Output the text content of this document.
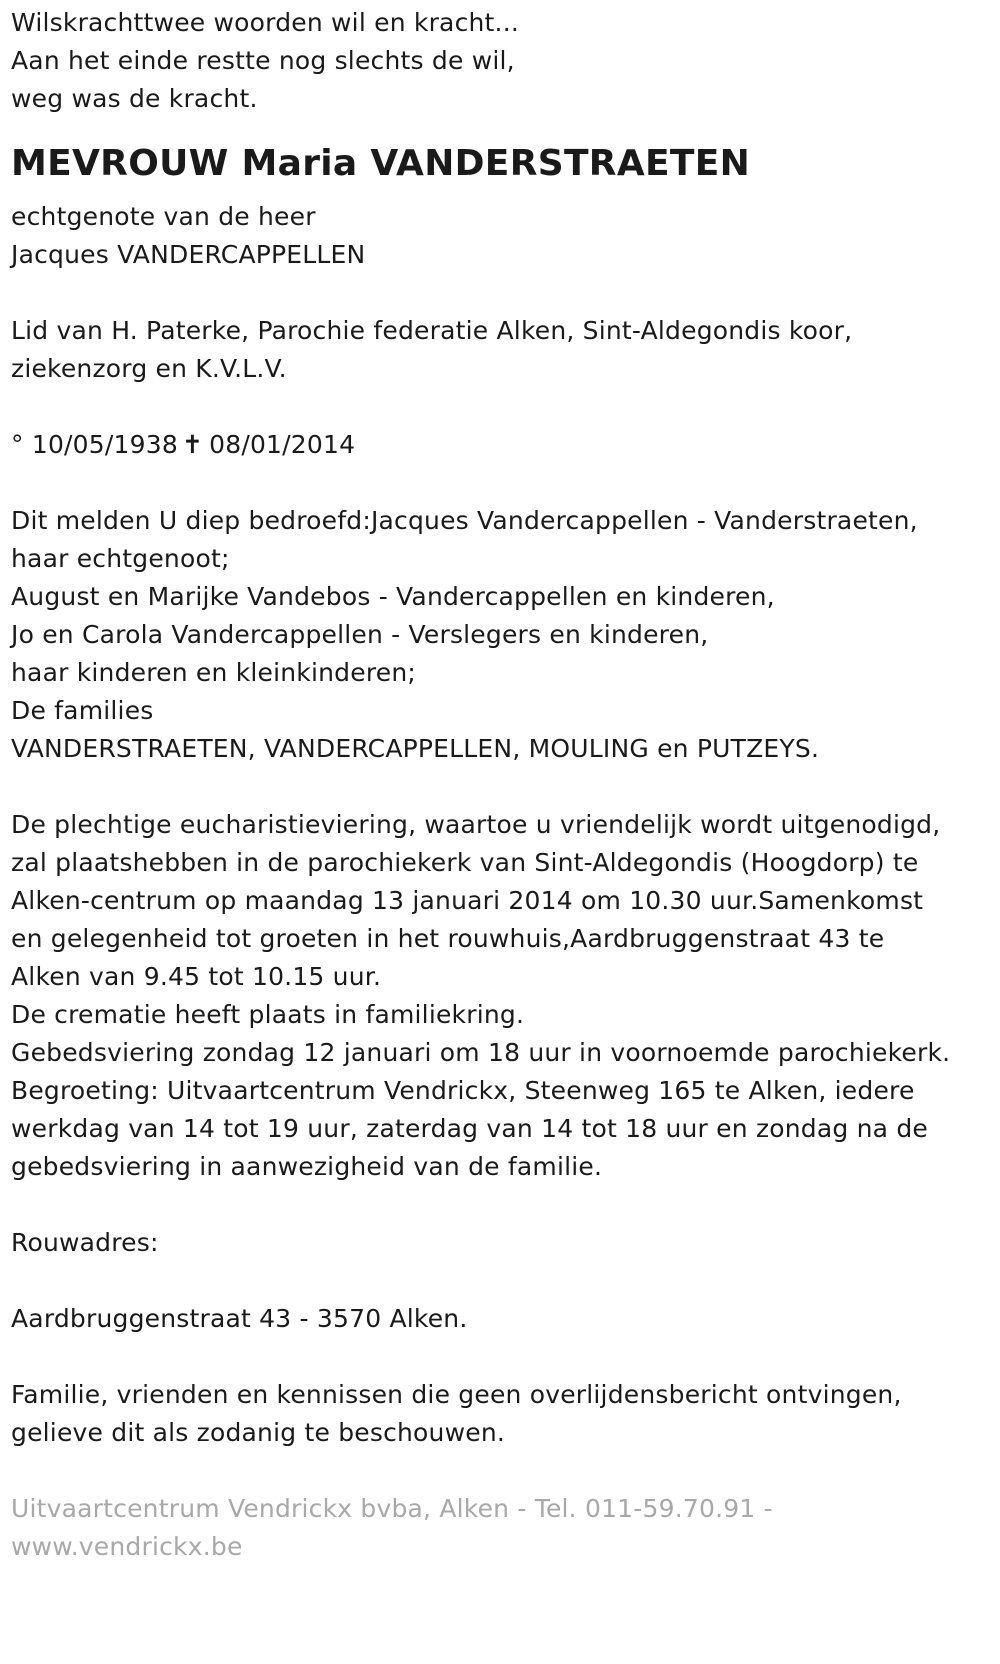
Wilskrachttwee woorden wil en kracht...
Aan het einde restte nog slechts de wil,
weg was de kracht.
MEVROUW Maria VANDERSTRAETEN
echtgenote van de heer
Jacques VANDERCAPPELLEN
Lid van H. Paterke, Parochie federatie Alken, Sint-Aldegondis koor,
ziekenzorg en K.V.L.V.
° 10/05/1938 ✝ 08/01/2014
Dit melden U diep bedroefd:Jacques Vandercappellen - Vanderstraeten,
haar echtgenoot;
August en Marijke Vandebos - Vandercappellen en kinderen,
Jo en Carola Vandercappellen - Verslegers en kinderen,
haar kinderen en kleinkinderen;
De families
VANDERSTRAETEN, VANDERCAPPELLEN, MOULING en PUTZEYS.
De plechtige eucharistieviering, waartoe u vriendelijk wordt uitgenodigd,
zal plaatshebben in de parochiekerk van Sint-Aldegondis (Hoogdorp) te
Alken-centrum op maandag 13 januari 2014 om 10.30 uur.Samenkomst
en gelegenheid tot groeten in het rouwhuis,Aardbruggenstraat 43 te
Alken van 9.45 tot 10.15 uur.
De crematie heeft plaats in familiekring.
Gebedsviering zondag 12 januari om 18 uur in voornoemde parochiekerk.
Begroeting: Uitvaartcentrum Vendrickx, Steenweg 165 te Alken, iedere
werkdag van 14 tot 19 uur, zaterdag van 14 tot 18 uur en zondag na de
gebedsviering in aanwezigheid van de familie.
Rouwadres:
Aardbruggenstraat 43 - 3570 Alken.
Familie, vrienden en kennissen die geen overlijdensbericht ontvingen,
gelieve dit als zodanig te beschouwen.
Uitvaartcentrum Vendrickx bvba, Alken - Tel. 011-59.70.91 -
www.vendrickx.be
